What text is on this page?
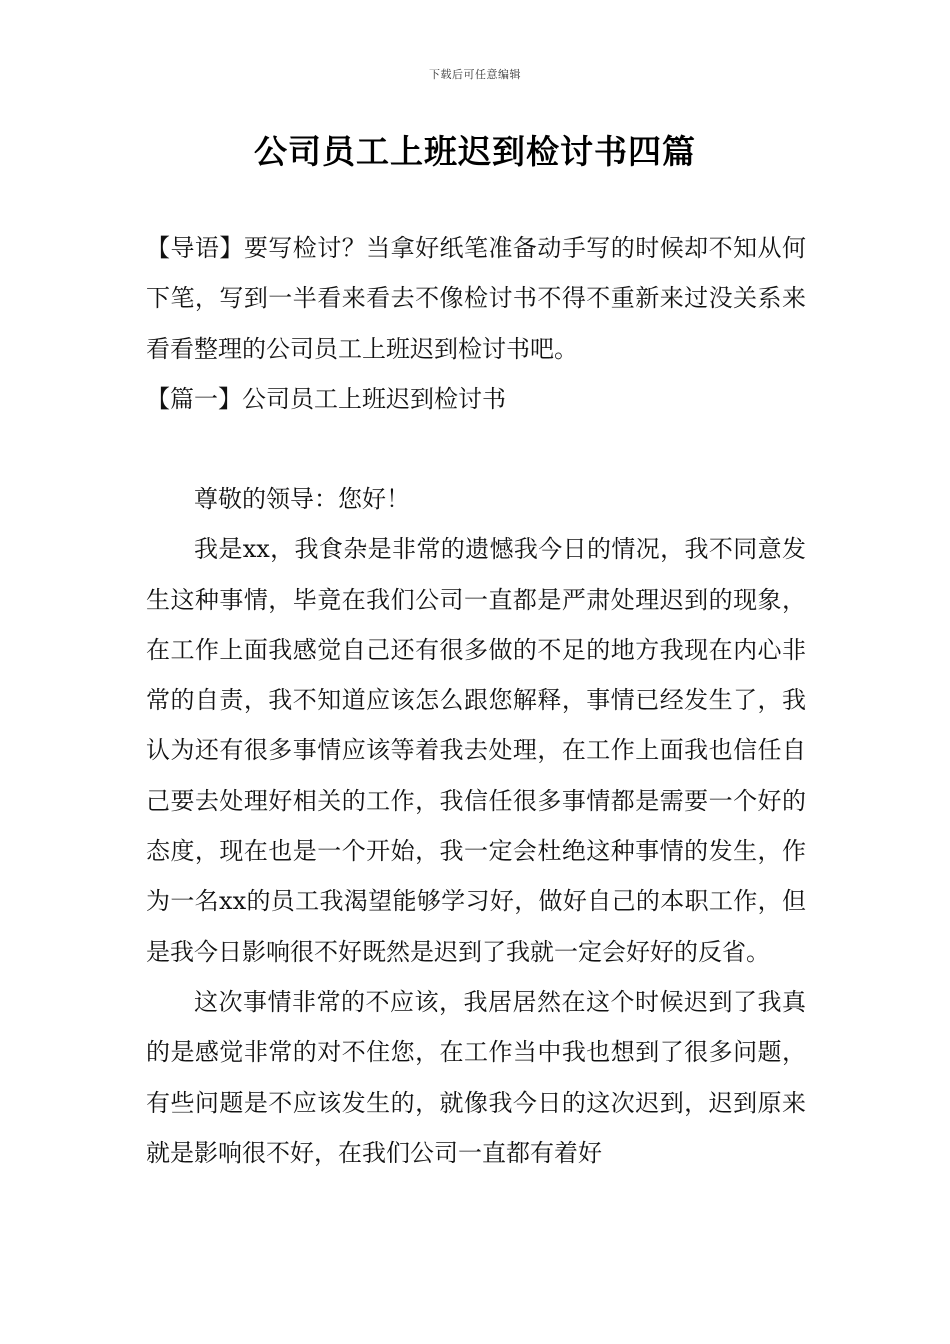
下载后可任意编辑
公司员工上班迟到检讨书四篇

【导语】要写检讨？当拿好纸笔准备动手写的时候却不知从何下笔，写到一半看来看去不像检讨书不得不重新来过没关系来看看整理的公司员工上班迟到检讨书吧。

【篇一】公司员工上班迟到检讨书

尊敬的领导：您好！

我是xx，我食杂是非常的遗憾我今日的情况，我不同意发生这种事情，毕竟在我们公司一直都是严肃处理迟到的现象，在工作上面我感觉自己还有很多做的不足的地方我现在内心非常的自责，我不知道应该怎么跟您解释，事情已经发生了，我认为还有很多事情应该等着我去处理，在工作上面我也信任自己要去处理好相关的工作，我信任很多事情都是需要一个好的态度，现在也是一个开始，我一定会杜绝这种事情的发生，作为一名xx的员工我渴望能够学习好，做好自己的本职工作，但是我今日影响很不好既然是迟到了我就一定会好好的反省。

这次事情非常的不应该，我居居然在这个时候迟到了我真的是感觉非常的对不住您，在工作当中我也想到了很多问题，有些问题是不应该发生的，就像我今日的这次迟到，迟到原来就是影响很不好，在我们公司一直都有着好
